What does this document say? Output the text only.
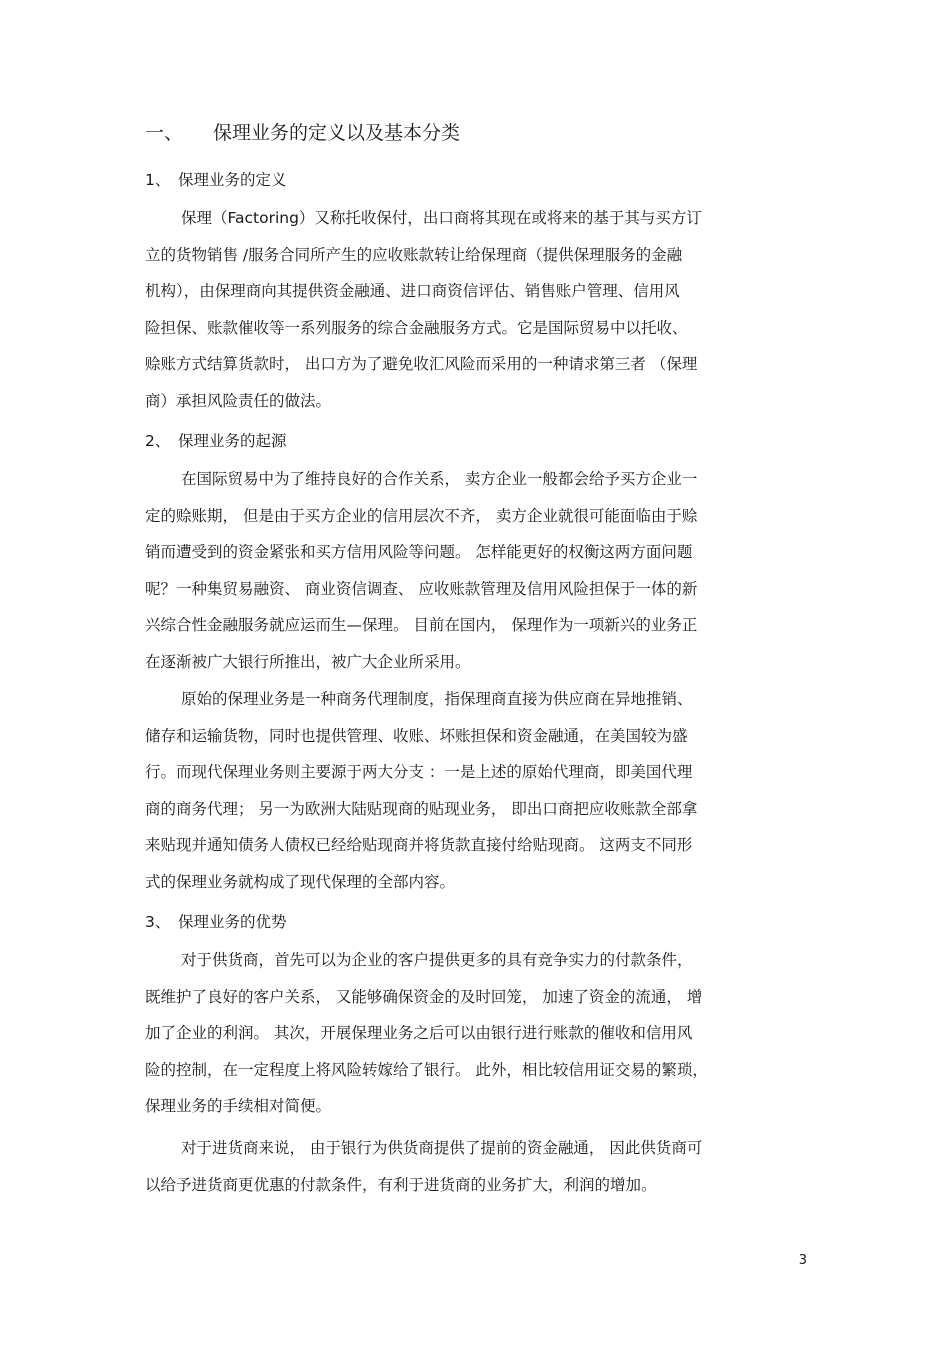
一、 保理业务的定义以及基本分类
1、 保理业务的定义
保理（Factoring）又称托收保付，出口商将其现在或将来的基于其与买方订
立的货物销售 /服务合同所产生的应收账款转让给保理商（提供保理服务的金融
机构），由保理商向其提供资金融通、进口商资信评估、销售账户管理、信用风
险担保、账款催收等一系列服务的综合金融服务方式。它是国际贸易中以托收、
赊账方式结算货款时， 出口方为了避免收汇风险而采用的一种请求第三者 （保理
商）承担风险责任的做法。
2、 保理业务的起源
在国际贸易中为了维持良好的合作关系， 卖方企业一般都会给予买方企业一
定的赊账期， 但是由于买方企业的信用层次不齐， 卖方企业就很可能面临由于赊
销而遭受到的资金紧张和买方信用风险等问题。 怎样能更好的权衡这两方面问题
呢？一种集贸易融资、 商业资信调查、 应收账款管理及信用风险担保于一体的新
兴综合性金融服务就应运而生—保理。 目前在国内， 保理作为一项新兴的业务正
在逐渐被广大银行所推出，被广大企业所采用。
原始的保理业务是一种商务代理制度，指保理商直接为供应商在异地推销、
储存和运输货物，同时也提供管理、收账、坏账担保和资金融通，在美国较为盛
行。而现代保理业务则主要源于两大分支 ：一是上述的原始代理商，即美国代理
商的商务代理； 另一为欧洲大陆贴现商的贴现业务， 即出口商把应收账款全部拿
来贴现并通知债务人债权已经给贴现商并将货款直接付给贴现商。 这两支不同形
式的保理业务就构成了现代保理的全部内容。
3、 保理业务的优势
对于供货商，首先可以为企业的客户提供更多的具有竞争实力的付款条件，
既维护了良好的客户关系， 又能够确保资金的及时回笼， 加速了资金的流通， 增
加了企业的利润。 其次，开展保理业务之后可以由银行进行账款的催收和信用风
险的控制，在一定程度上将风险转嫁给了银行。 此外，相比较信用证交易的繁琐，
保理业务的手续相对简便。
对于进货商来说， 由于银行为供货商提供了提前的资金融通， 因此供货商可
以给予进货商更优惠的付款条件，有利于进货商的业务扩大，利润的增加。
3
